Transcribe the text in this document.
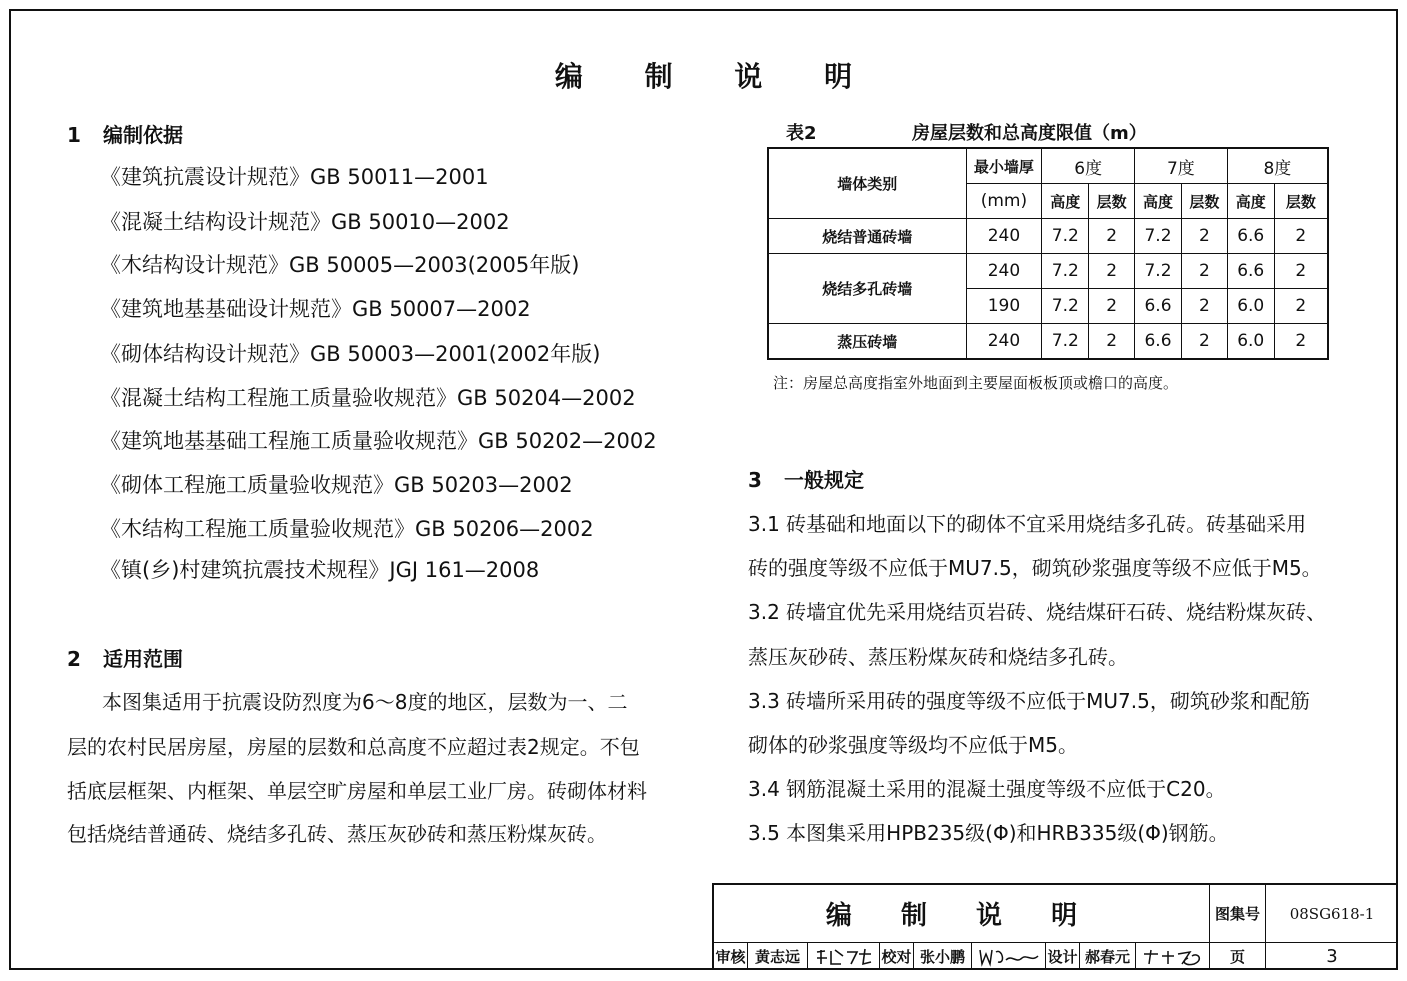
编 制 说 明
1 编制依据
《建筑抗震设计规范》GB 50011—2001
《混凝土结构设计规范》GB 50010—2002
《木结构设计规范》GB 50005—2003(2005年版)
《建筑地基基础设计规范》GB 50007—2002
《砌体结构设计规范》GB 50003—2001(2002年版)
《混凝土结构工程施工质量验收规范》GB 50204—2002
《建筑地基基础工程施工质量验收规范》GB 50202—2002
《砌体工程施工质量验收规范》GB 50203—2002
《木结构工程施工质量验收规范》GB 50206—2002
《镇(乡)村建筑抗震技术规程》JGJ 161—2008
2 适用范围
本图集适用于抗震设防烈度为6～8度的地区，层数为一、二
层的农村民居房屋，房屋的层数和总高度不应超过表2规定。不包
括底层框架、内框架、单层空旷房屋和单层工业厂房。砖砌体材料
包括烧结普通砖、烧结多孔砖、蒸压灰砂砖和蒸压粉煤灰砖。
表2	房屋层数和总高度限值（m）
墙体类别	最小墙厚	6度		7度		8度	
	(mm)	高度	层数	高度	层数	高度	层数
烧结普通砖墙	240	7.2	2	7.2	2	6.6	2
烧结多孔砖墙	240	7.2	2	7.2	2	6.6	2
	190	7.2	2	6.6	2	6.0	2
蒸压砖墙	240	7.2	2	6.6	2	6.0	2
注：房屋总高度指室外地面到主要屋面板板顶或檐口的高度。
3 一般规定
3.1 砖基础和地面以下的砌体不宜采用烧结多孔砖。砖基础采用
砖的强度等级不应低于MU7.5，砌筑砂浆强度等级不应低于M5。
3.2 砖墙宜优先采用烧结页岩砖、烧结煤矸石砖、烧结粉煤灰砖、
蒸压灰砂砖、蒸压粉煤灰砖和烧结多孔砖。
3.3 砖墙所采用砖的强度等级不应低于MU7.5，砌筑砂浆和配筋
砌体的砂浆强度等级均不应低于M5。
3.4 钢筋混凝土采用的混凝土强度等级不应低于C20。
3.5 本图集采用HPB235级(Φ)和HRB335级(Φ)钢筋。
编 制 说 明	图集号	08SG618-1
审核 黄志远	校对 张小鹏	设计 郝春元	页	3
